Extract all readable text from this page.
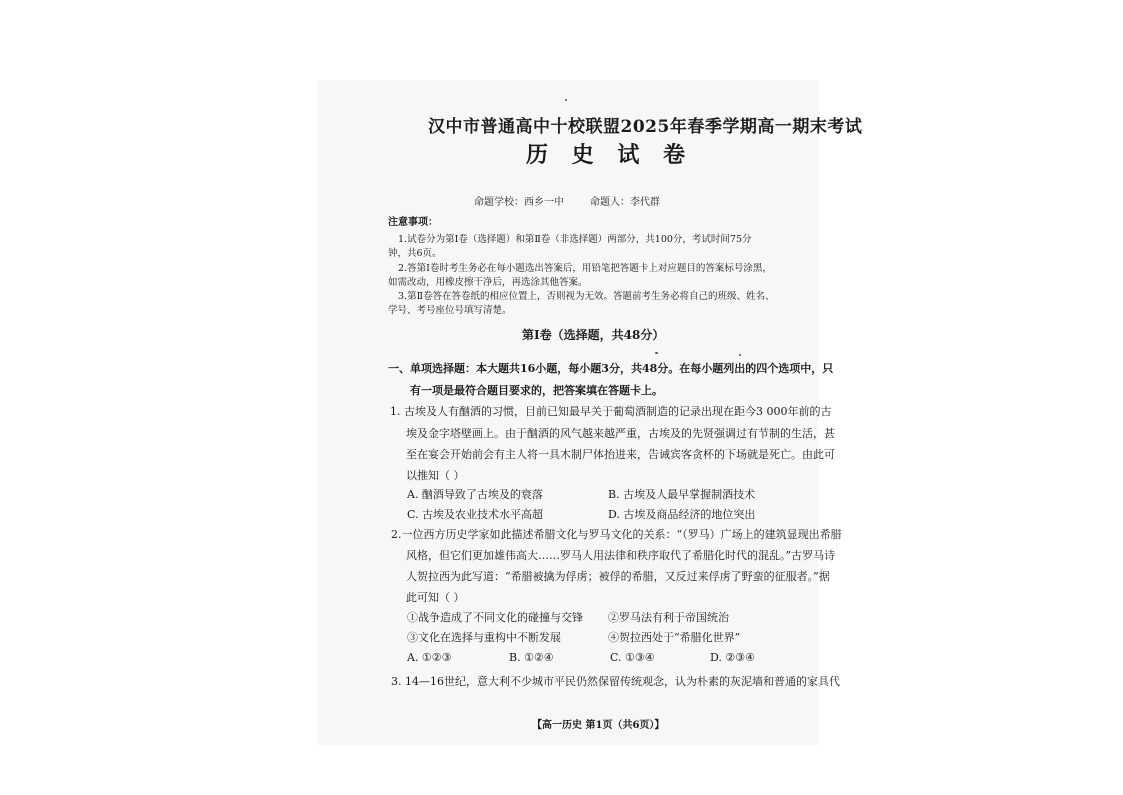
汉中市普通高中十校联盟2025年春季学期高一期末考试
历 史 试 卷
命题学校：西乡一中	命题人：李代群
注意事项：
1.试卷分为第Ⅰ卷（选择题）和第Ⅱ卷（非选择题）两部分，共100分，考试时间75分
钟，共6页。
2.答第Ⅰ卷时考生务必在每小题选出答案后，用铅笔把答题卡上对应题目的答案标号涂黑，
如需改动，用橡皮擦干净后，再选涂其他答案。
3.第Ⅱ卷答在答卷纸的相应位置上，否则视为无效。答题前考生务必将自己的班级、姓名、
学号、考号座位号填写清楚。
第Ⅰ卷（选择题，共48分）
一、单项选择题：本大题共16小题，每小题3分，共48分。在每小题列出的四个选项中，只
有一项是最符合题目要求的，把答案填在答题卡上。
1. 古埃及人有酗酒的习惯，目前已知最早关于葡萄酒制造的记录出现在距今3 000年前的古
埃及金字塔壁画上。由于酗酒的风气越来越严重，古埃及的先贤强调过有节制的生活，甚
至在宴会开始前会有主人将一具木制尸体抬进来，告诫宾客贪杯的下场就是死亡。由此可
以推知（ ）
A. 酗酒导致了古埃及的衰落	B. 古埃及人最早掌握制酒技术
C. 古埃及农业技术水平高超	D. 古埃及商品经济的地位突出
2.一位西方历史学家如此描述希腊文化与罗马文化的关系：“（罗马）广场上的建筑显现出希腊
风格，但它们更加雄伟高大……罗马人用法律和秩序取代了希腊化时代的混乱。”古罗马诗
人贺拉西为此写道：“希腊被擒为俘虏；被俘的希腊，又反过来俘虏了野蛮的征服者。”据
此可知（ ）
①战争造成了不同文化的碰撞与交锋 ②罗马法有利于帝国统治
③文化在选择与重构中不断发展	④贺拉西处于“希腊化世界”
A. ①②③	B. ①②④	C. ①③④	D. ②③④
3. 14—16世纪，意大利不少城市平民仍然保留传统观念，认为朴素的灰泥墙和普通的家具代
【高一历史 第1页（共6页）】
